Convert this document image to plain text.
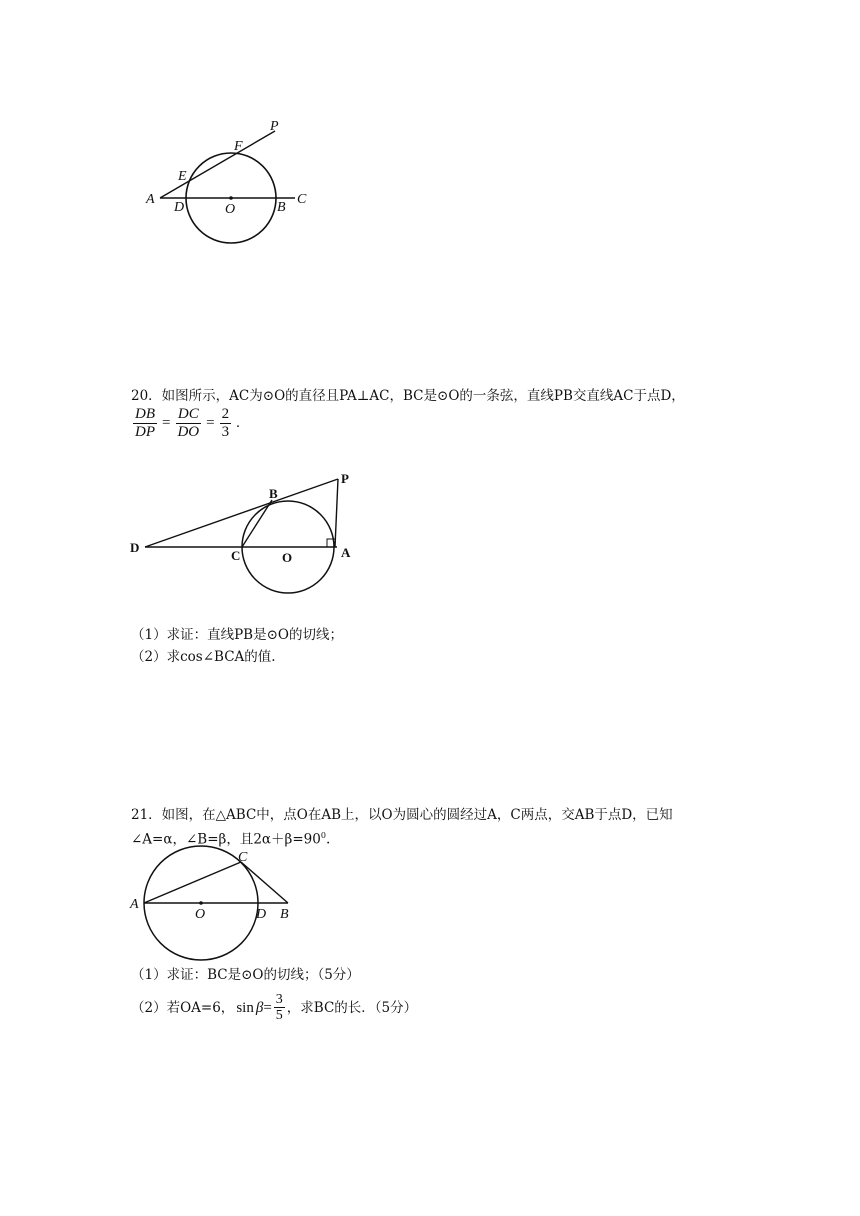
P
F
E
A
D	O	B
C
20．如图所示，AC为⊙O的直径且PA⊥AC，BC是⊙O的一条弦，直线PB交直线AC于点D，
$\frac{DB}{DP} = \frac{DC}{DO} = \frac{2}{3}$ .
P
B
D
C	O	A
（1）求证：直线PB是⊙O的切线；
（2）求cos∠BCA的值.
21．如图，在△ABC中，点O在AB上，以O为圆心的圆经过A，C两点，交AB于点D，已知
∠A=α，∠B=β，且$2\alpha+\beta=90^0$.
C
A
O	D B
（1）求证：BC是⊙O的切线；（5分）
（2）若OA=6， $\sin \beta = \frac{3}{5}$ ，求BC的长．（5分）
